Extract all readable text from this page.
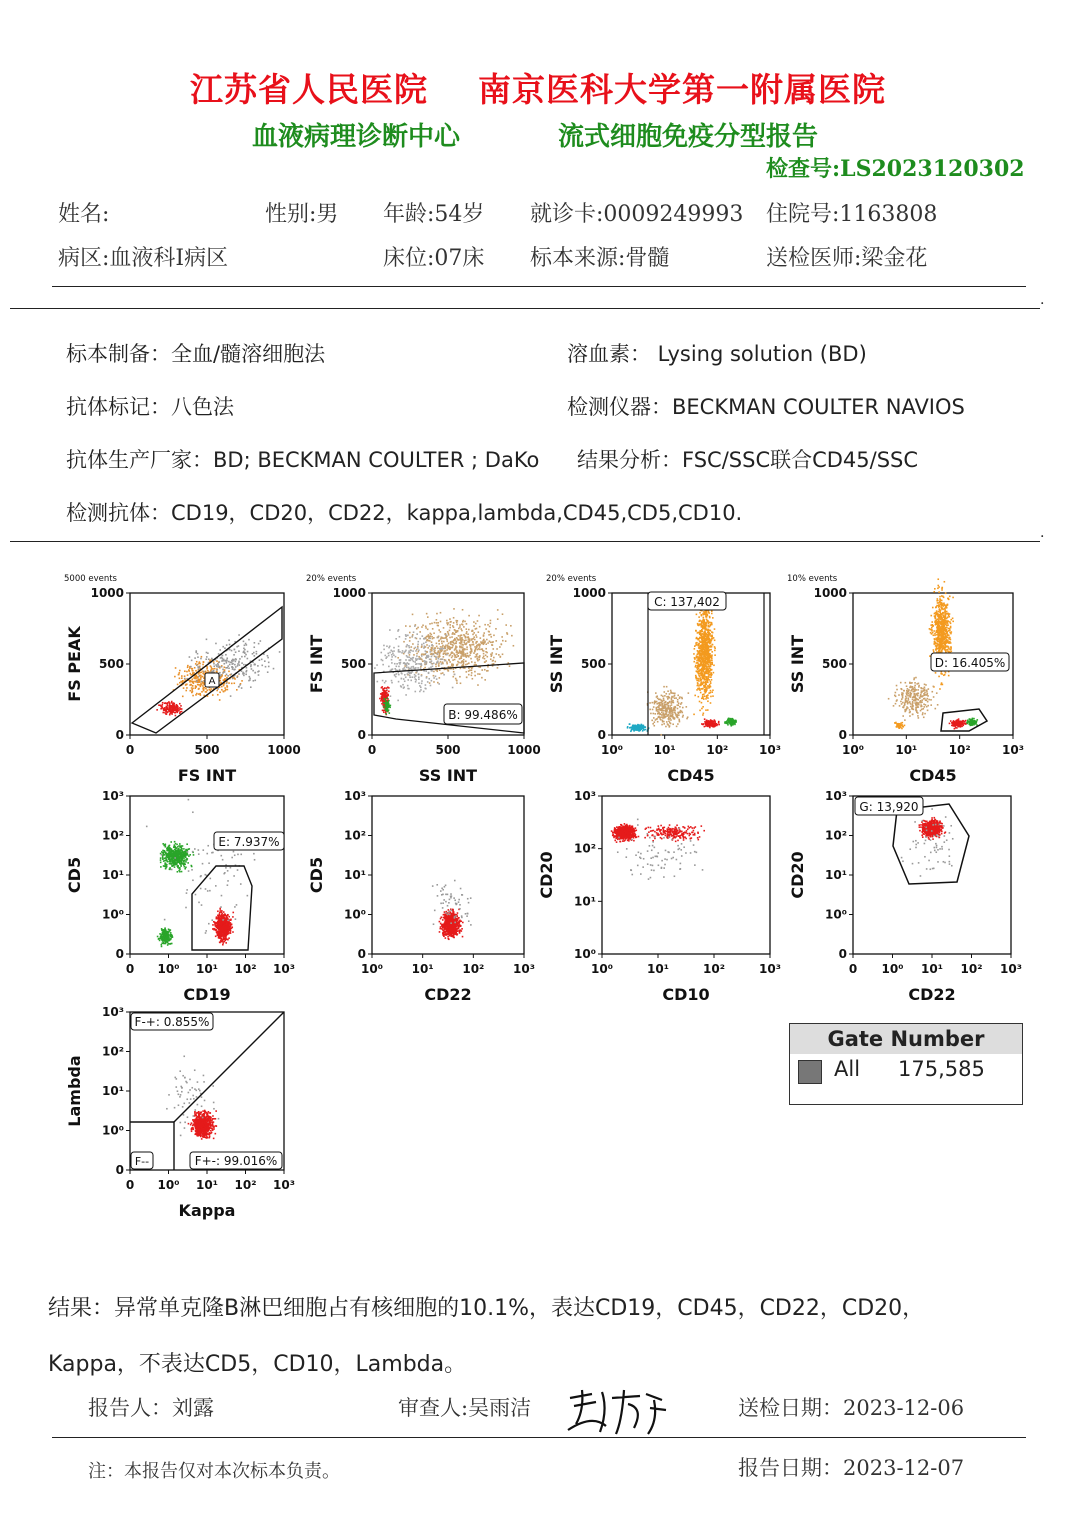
江苏省人民医院    南京医科大学第一附属医院
血液病理诊断中心	流式细胞免疫分型报告
检查号:LS2023120302
姓名:	性别:男 年龄:54岁 就诊卡:0009249993 住院号:1163808
病区:血液科I病区	床位:07床 标本来源:骨髓	送检医师:梁金花
.
标本制备：全血/髓溶细胞法	溶血素： Lysing solution (BD)
抗体标记：八色法	检测仪器：BECKMAN COULTER NAVIOS
抗体生产厂家：BD; BECKMAN COULTER ; DaKo 结果分析：FSC/SSC联合CD45/SSC
检测抗体：CD19，CD20，CD22，kappa,lambda,CD45,CD5,CD10.
.
5000 events
FS INT
FS PEAK
0	500	1000
0
500
1000
A
20% events
SS INT
FS INT
0	500	1000
0
500
1000
B: 99.486%
20% events
CD45
SS INT
10⁰	10¹	10²	10³
0
500
1000
C: 137,402
10% events
CD45
SS INT
10⁰	10¹	10²	10³
0
500
1000
D: 16.405%
CD19
CD5
0 10⁰ 10¹ 10² 10³
0
10⁰
10¹
10²
10³
E: 7.937%
CD22
CD5
10⁰ 10¹ 10² 10³
0
10⁰
10¹
10²
10³
CD10
CD20
10⁰	10¹	10²	10³
10⁰
10¹
10²
10³
CD22
CD20
0 10⁰ 10¹ 10² 10³
0
10⁰
10¹
10²
10³
G: 13,920
Kappa
Lambda
0 10⁰ 10¹ 10² 10³
0
10⁰
10¹
10²
10³
F-+: 0.855%
F--	F+-: 99.016%
Gate Number
All 175,585
结果：异常单克隆B淋巴细胞占有核细胞的10.1%，表达CD19，CD45，CD22，CD20，
Kappa，不表达CD5，CD10，Lambda。
报告人：刘露	审查人:吴雨洁	送检日期：2023-12-06
注：本报告仅对本次标本负责。	报告日期：2023-12-07
